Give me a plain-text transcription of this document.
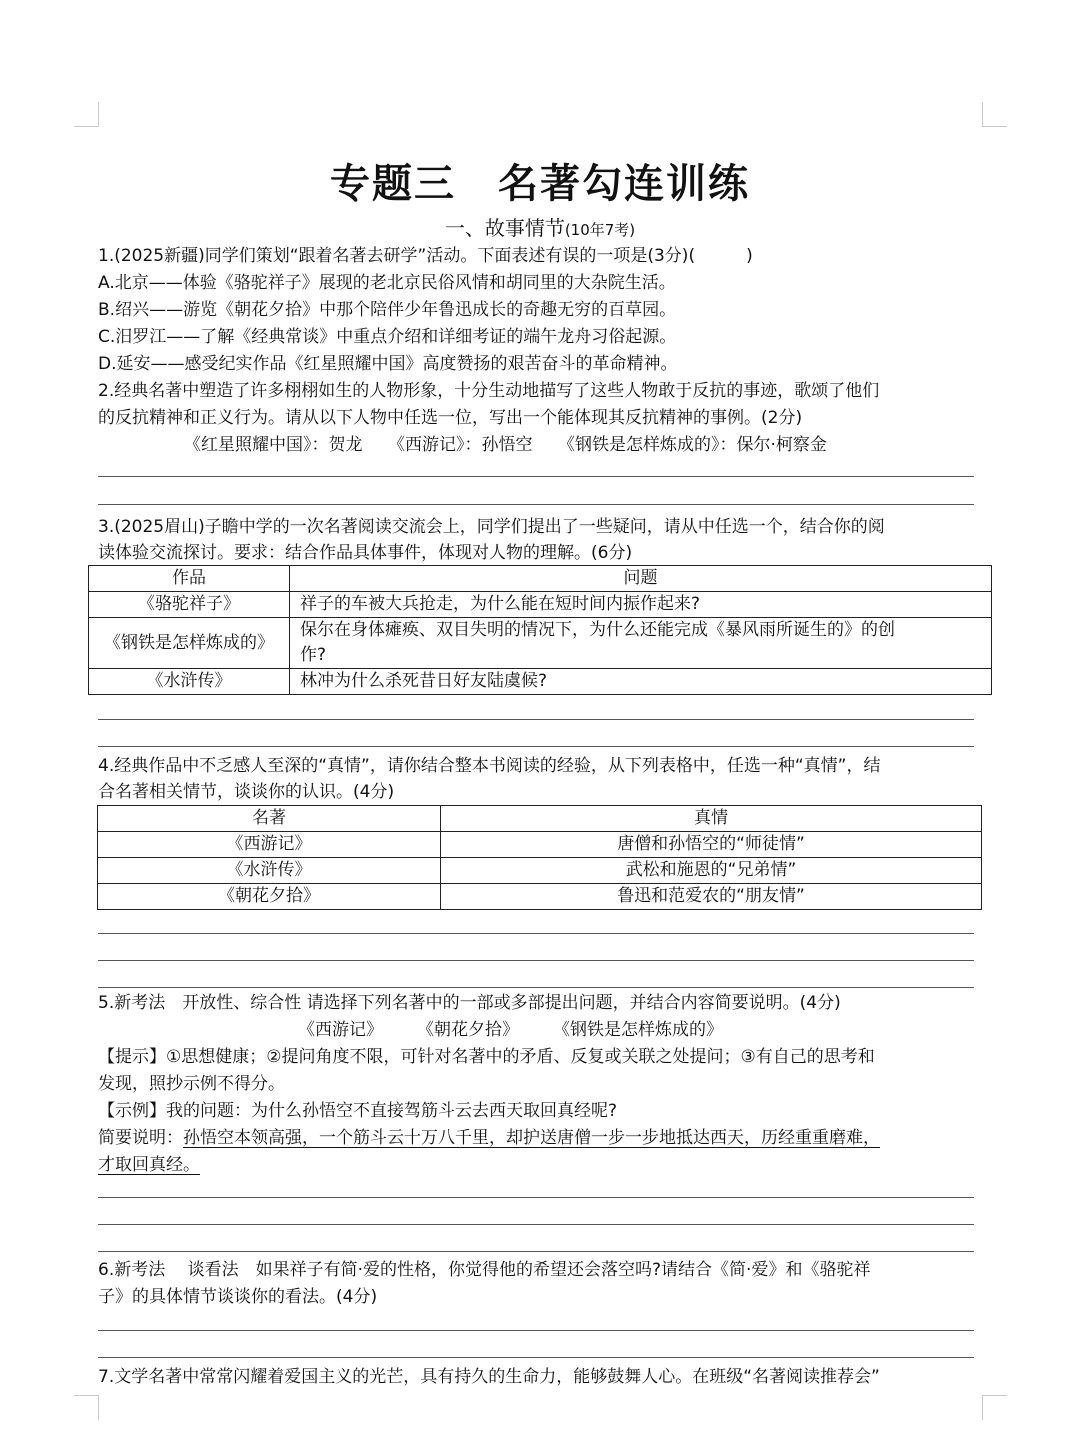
专题三　名著勾连训练
一、故事情节(10年7考)
1.(2025新疆)同学们策划“跟着名著去研学”活动。下面表述有误的一项是(3分)(　　　)
A.北京——体验《骆驼祥子》展现的老北京民俗风情和胡同里的大杂院生活。
B.绍兴——游览《朝花夕拾》中那个陪伴少年鲁迅成长的奇趣无穷的百草园。
C.汨罗江——了解《经典常谈》中重点介绍和详细考证的端午龙舟习俗起源。
D.延安——感受纪实作品《红星照耀中国》高度赞扬的艰苦奋斗的革命精神。
2.经典名著中塑造了许多栩栩如生的人物形象，十分生动地描写了这些人物敢于反抗的事迹，歌颂了他们
的反抗精神和正义行为。请从以下人物中任选一位，写出一个能体现其反抗精神的事例。(2分)
《红星照耀中国》：贺龙　　《西游记》：孙悟空　　《钢铁是怎样炼成的》：保尔·柯察金
3.(2025眉山)子瞻中学的一次名著阅读交流会上，同学们提出了一些疑问，请从中任选一个，结合你的阅
读体验交流探讨。要求：结合作品具体事件，体现对人物的理解。(6分)
作品	问题
《骆驼祥子》	祥子的车被大兵抢走，为什么能在短时间内振作起来?
《钢铁是怎样炼成的》	保尔在身体瘫痪、双目失明的情况下，为什么还能完成《暴风雨所诞生的》的创
作?

《水浒传》	林冲为什么杀死昔日好友陆虞候?
4.经典作品中不乏感人至深的“真情”，请你结合整本书阅读的经验，从下列表格中，任选一种“真情”，结
合名著相关情节，谈谈你的认识。(4分)
名著	真情
《西游记》	唐僧和孙悟空的“师徒情”
《水浒传》	武松和施恩的“兄弟情”
《朝花夕拾》	鲁迅和范爱农的“朋友情”
5.新考法　开放性、综合性 请选择下列名著中的一部或多部提出问题，并结合内容简要说明。(4分)
《西游记》　　　《朝花夕拾》　　　《钢铁是怎样炼成的》
【提示】①思想健康；②提问角度不限，可针对名著中的矛盾、反复或关联之处提问；③有自己的思考和
发现，照抄示例不得分。
【示例】我的问题：为什么孙悟空不直接驾筋斗云去西天取回真经呢?
简要说明：孙悟空本领高强，一个筋斗云十万八千里，却护送唐僧一步一步地抵达西天，历经重重磨难，
才取回真经。
6.新考法　 谈看法　如果祥子有简·爱的性格，你觉得他的希望还会落空吗?请结合《简·爱》和《骆驼祥
子》的具体情节谈谈你的看法。(4分)
7.文学名著中常常闪耀着爱国主义的光芒，具有持久的生命力，能够鼓舞人心。在班级“名著阅读推荐会”
